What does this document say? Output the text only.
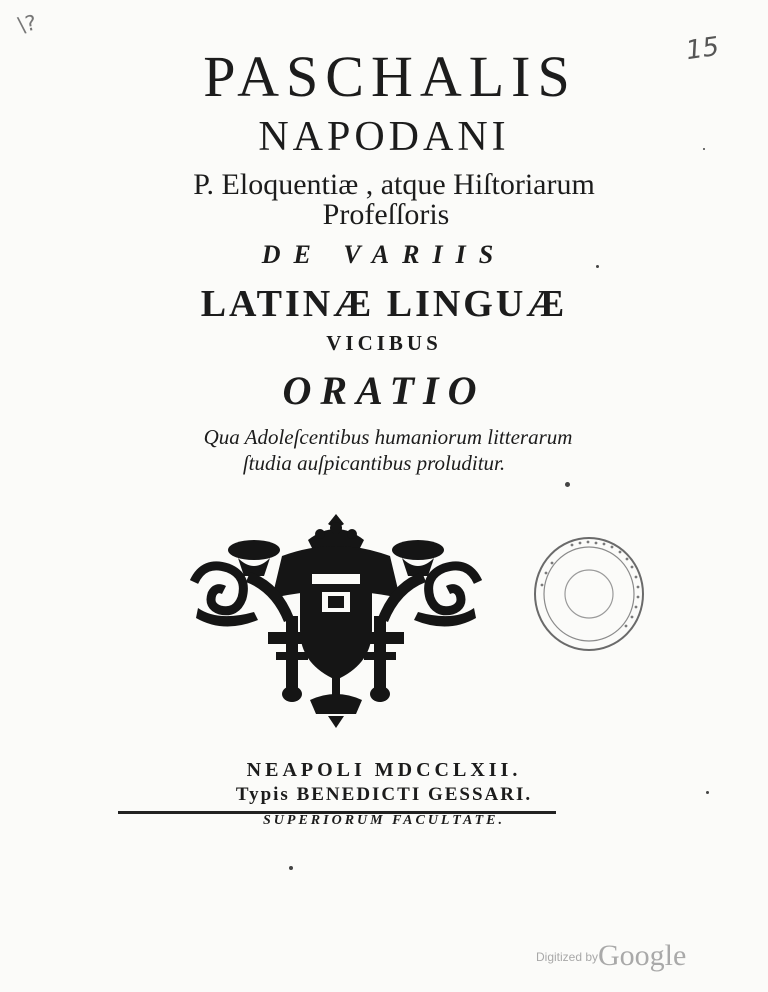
\?
15
PASCHALIS
NAPODANI
P. Eloquentiæ , atque Hiſtoriarum
Profeſſoris
DE VARIIS
LATINÆ LINGUÆ
VICIBUS
ORATIO
Qua Adoleſcentibus humaniorum litterarum
ſtudia auſpicantibus proluditur.
NEAPOLI MDCCLXII.
Typis BENEDICTI GESSARI.
SUPERIORUM FACULTATE.
Digitized by Google
